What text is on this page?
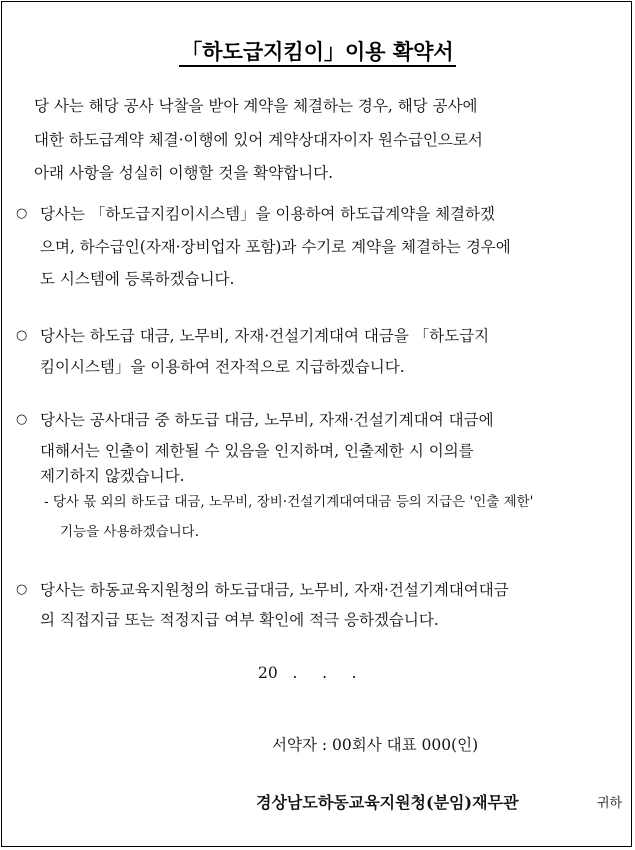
「하도급지킴이」이용 확약서
당 사는 해당 공사 낙찰을 받아 계약을 체결하는 경우, 해당 공사에
대한 하도급계약 체결·이행에 있어 계약상대자이자 원수급인으로서
아래 사항을 성실히 이행할 것을 확약합니다.
○ 당사는 「하도급지킴이시스템」을 이용하여 하도급계약을 체결하겠
으며, 하수급인(자재·장비업자 포함)과 수기로 계약을 체결하는 경우에
도 시스템에 등록하겠습니다.
○ 당사는 하도급 대금, 노무비, 자재·건설기계대여 대금을 「하도급지
킴이시스템」을 이용하여 전자적으로 지급하겠습니다.
○ 당사는 공사대금 중 하도급 대금, 노무비, 자재·건설기계대여 대금에
대해서는 인출이 제한될 수 있음을 인지하며, 인출제한 시 이의를
제기하지 않겠습니다.
- 당사 몫 외의 하도급 대금, 노무비, 장비·건설기계대여대금 등의 지급은 '인출 제한'
기능을 사용하겠습니다.
○ 당사는 하동교육지원청의 하도급대금, 노무비, 자재·건설기계대여대금
의 직접지급 또는 적정지급 여부 확인에 적극 응하겠습니다.
20   .     .     .
서약자 : 00회사 대표 000(인)
경상남도하동교육지원청(분임)재무관	귀하
